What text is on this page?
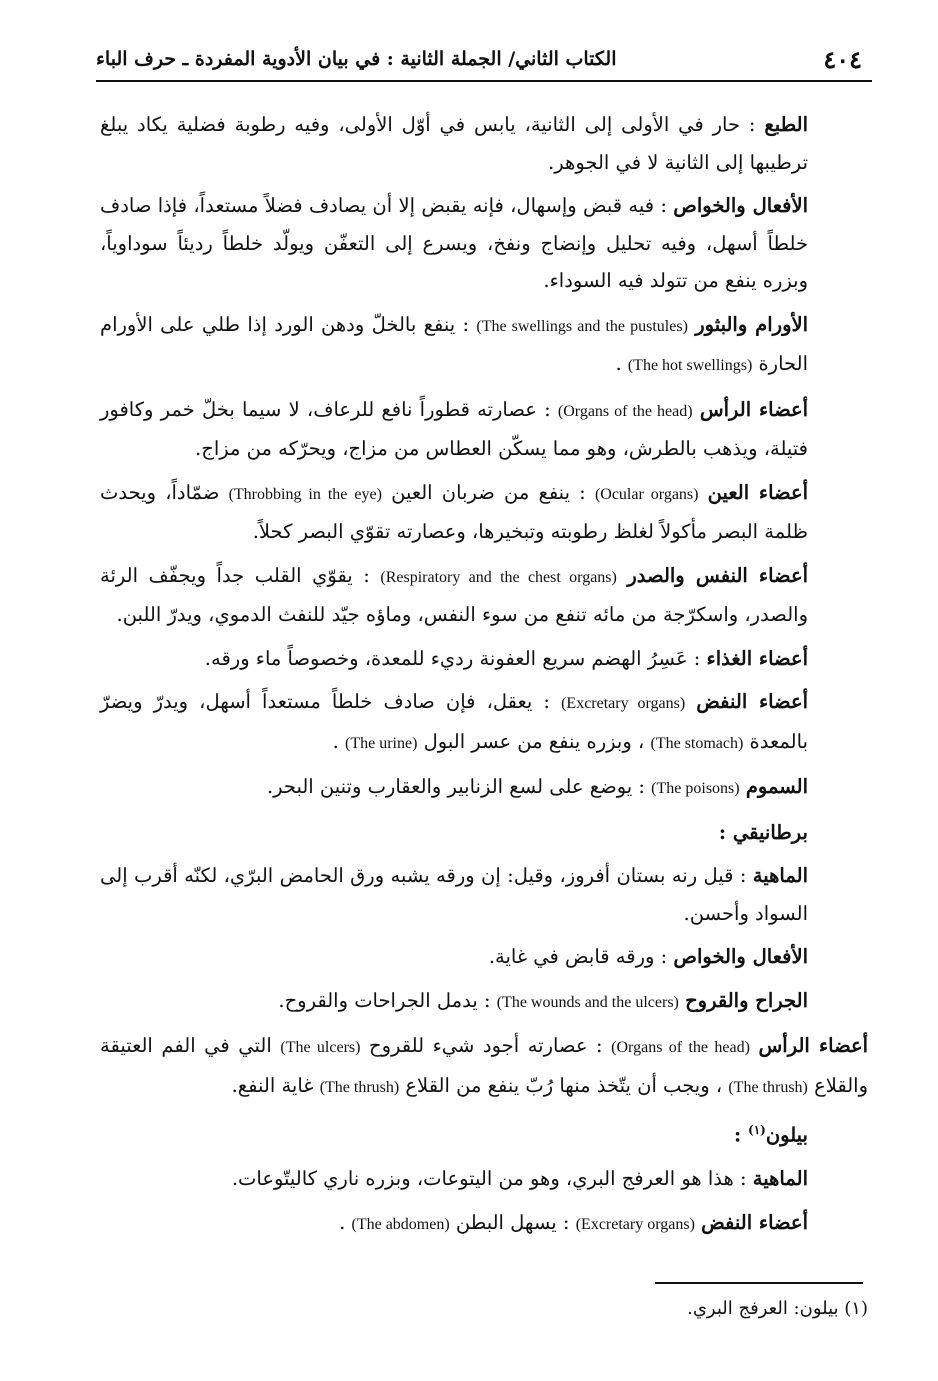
٤٠٤
الكتاب الثاني/ الجملة الثانية : في بيان الأدوية المفردة ـ حرف الباء

الطبع : حار في الأولى إلى الثانية، يابس في أوّل الأولى، وفيه رطوبة فضلية يكاد يبلغ ترطيبها إلى الثانية لا في الجوهر.

الأفعال والخواص : فيه قبض وإسهال، فإنه يقبض إلا أن يصادف فضلاً مستعداً، فإذا صادف خلطاً أسهل، وفيه تحليل وإنضاج ونفخ، ويسرع إلى التعفّن ويولّد خلطاً رديئاً سوداوياً، وبزره ينفع من تتولد فيه السوداء.

الأورام والبثور (The swellings and the pustules) : ينفع بالخلّ ودهن الورد إذا طلي على الأورام الحارة (The hot swellings) .

أعضاء الرأس (Organs of the head) : عصارته قطوراً نافع للرعاف، لا سيما بخلّ خمر وكافور فتيلة، ويذهب بالطرش، وهو مما يسكّن العطاس من مزاج، ويحرّكه من مزاج.

أعضاء العين (Ocular organs) : ينفع من ضربان العين (Throbbing in the eye) ضمّاداً، ويحدث ظلمة البصر مأكولاً لغلظ رطوبته وتبخيرها، وعصارته تقوّي البصر كحلاً.

أعضاء النفس والصدر (Respiratory and the chest organs) : يقوّي القلب جداً ويجفّف الرئة والصدر، واسكرّجة من مائه تنفع من سوء النفس، وماؤه جيّد للنفث الدموي، ويدرّ اللبن.

أعضاء الغذاء : عَسِرُ الهضم سريع العفونة رديء للمعدة، وخصوصاً ماء ورقه.

أعضاء النفض (Excretary organs) : يعقل، فإن صادف خلطاً مستعداً أسهل، ويدرّ ويضرّ بالمعدة (The stomach) ، وبزره ينفع من عسر البول (The urine) .

السموم (The poisons) : يوضع على لسع الزنابير والعقارب وتنين البحر.

برطانيقي :

الماهية : قيل رنه بستان أفروز، وقيل: إن ورقه يشبه ورق الحامض البرّي، لكنّه أقرب إلى السواد وأحسن.

الأفعال والخواص : ورقه قابض في غاية.

الجراح والقروح (The wounds and the ulcers) : يدمل الجراحات والقروح.

أعضاء الرأس (Organs of the head) : عصارته أجود شيء للقروح (The ulcers) التي في الفم العتيقة والقلاع (The thrush) ، ويجب أن يتّخذ منها رُبّ ينفع من القلاع (The thrush) غاية النفع.

بيلون$^{(١)}$ :

الماهية : هذا هو العرفج البري، وهو من اليتوعات، وبزره ناري كاليتّوعات.

أعضاء النفض (Excretary organs) : يسهل البطن (The abdomen) .

(١) بيلون: العرفج البري.
